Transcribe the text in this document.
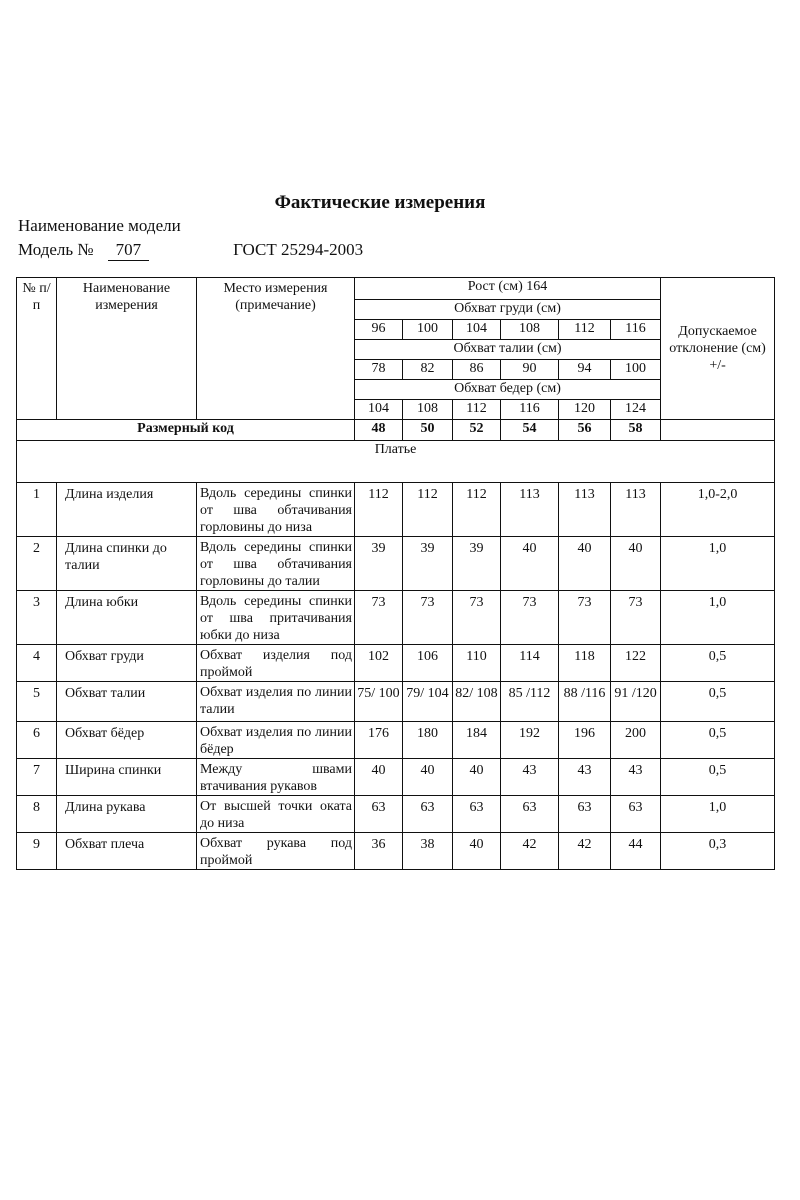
Фактические измерения
Наименование модели
Модель № 707	ГОСТ 25294-2003
№ п/п	Наименование измерения	Место измерения (примечание)	Рост (см) 164						Допускаемое отклонение (см) +/-
			Обхват груди (см)						
			96	100	104	108	112	116	
			Обхват талии (см)						
			78	82	86	90	94	100	
			Обхват бедер (см)						
			104	108	112	116	120	124	
Размерный код			48	50	52	54	56	58	
Платье									
1	Длина изделия	Вдоль середины спинки от шва обтачивания горловины до низа	112	112	112	113	113	113	1,0-2,0
2	Длина спинки до талии	Вдоль середины спинки от шва обтачивания горловины до талии	39	39	39	40	40	40	1,0
3	Длина юбки	Вдоль середины спинки от шва притачивания юбки до низа	73	73	73	73	73	73	1,0
4	Обхват груди	Обхват изделия под проймой	102	106	110	114	118	122	0,5
5	Обхват талии	Обхват изделия по линии талии	75/ 100	79/ 104	82/ 108	85 /112	88 /116	91 /120	0,5
6	Обхват бёдер	Обхват изделия по линии бёдер	176	180	184	192	196	200	0,5
7	Ширина спинки	Между швами втачивания рукавов	40	40	40	43	43	43	0,5
8	Длина рукава	От высшей точки оката до низа	63	63	63	63	63	63	1,0
9	Обхват плеча	Обхват рукава под проймой	36	38	40	42	42	44	0,3
